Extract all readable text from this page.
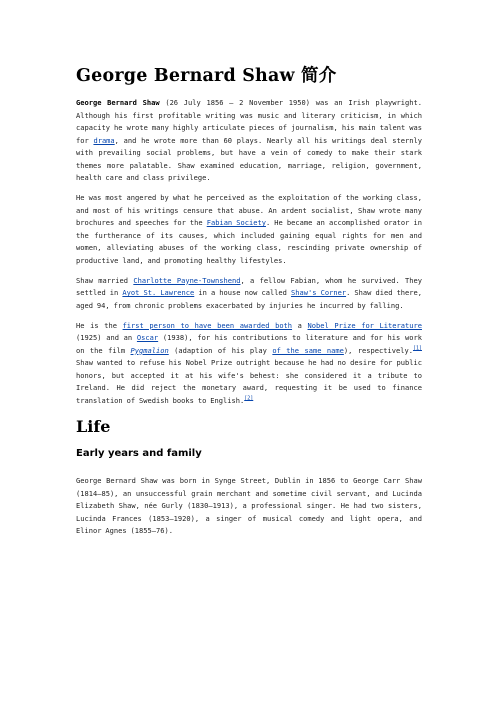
George Bernard Shaw 简介

George Bernard Shaw (26 July 1856 – 2 November 1950) was an Irish playwright. Although his first profitable writing was music and literary criticism, in which capacity he wrote many highly articulate pieces of journalism, his main talent was for drama, and he wrote more than 60 plays. Nearly all his writings deal sternly with prevailing social problems, but have a vein of comedy to make their stark themes more palatable. Shaw examined education, marriage, religion, government, health care and class privilege.

He was most angered by what he perceived as the exploitation of the working class, and most of his writings censure that abuse. An ardent socialist, Shaw wrote many brochures and speeches for the Fabian Society. He became an accomplished orator in the furtherance of its causes, which included gaining equal rights for men and women, alleviating abuses of the working class, rescinding private ownership of productive land, and promoting healthy lifestyles.

Shaw married Charlotte Payne-Townshend, a fellow Fabian, whom he survived. They settled in Ayot St. Lawrence in a house now called Shaw's Corner. Shaw died there, aged 94, from chronic problems exacerbated by injuries he incurred by falling.

He is the first person to have been awarded both a Nobel Prize for Literature (1925) and an Oscar (1938), for his contributions to literature and for his work on the film Pygmalion (adaption of his play of the same name), respectively.[1] Shaw wanted to refuse his Nobel Prize outright because he had no desire for public honors, but accepted it at his wife's behest: she considered it a tribute to Ireland. He did reject the monetary award, requesting it be used to finance translation of Swedish books to English.[2]

Life
Early years and family

George Bernard Shaw was born in Synge Street, Dublin in 1856 to George Carr Shaw (1814–85), an unsuccessful grain merchant and sometime civil servant, and Lucinda Elizabeth Shaw, née Gurly (1830–1913), a professional singer. He had two sisters, Lucinda Frances (1853–1920), a singer of musical comedy and light opera, and Elinor Agnes (1855–76).
